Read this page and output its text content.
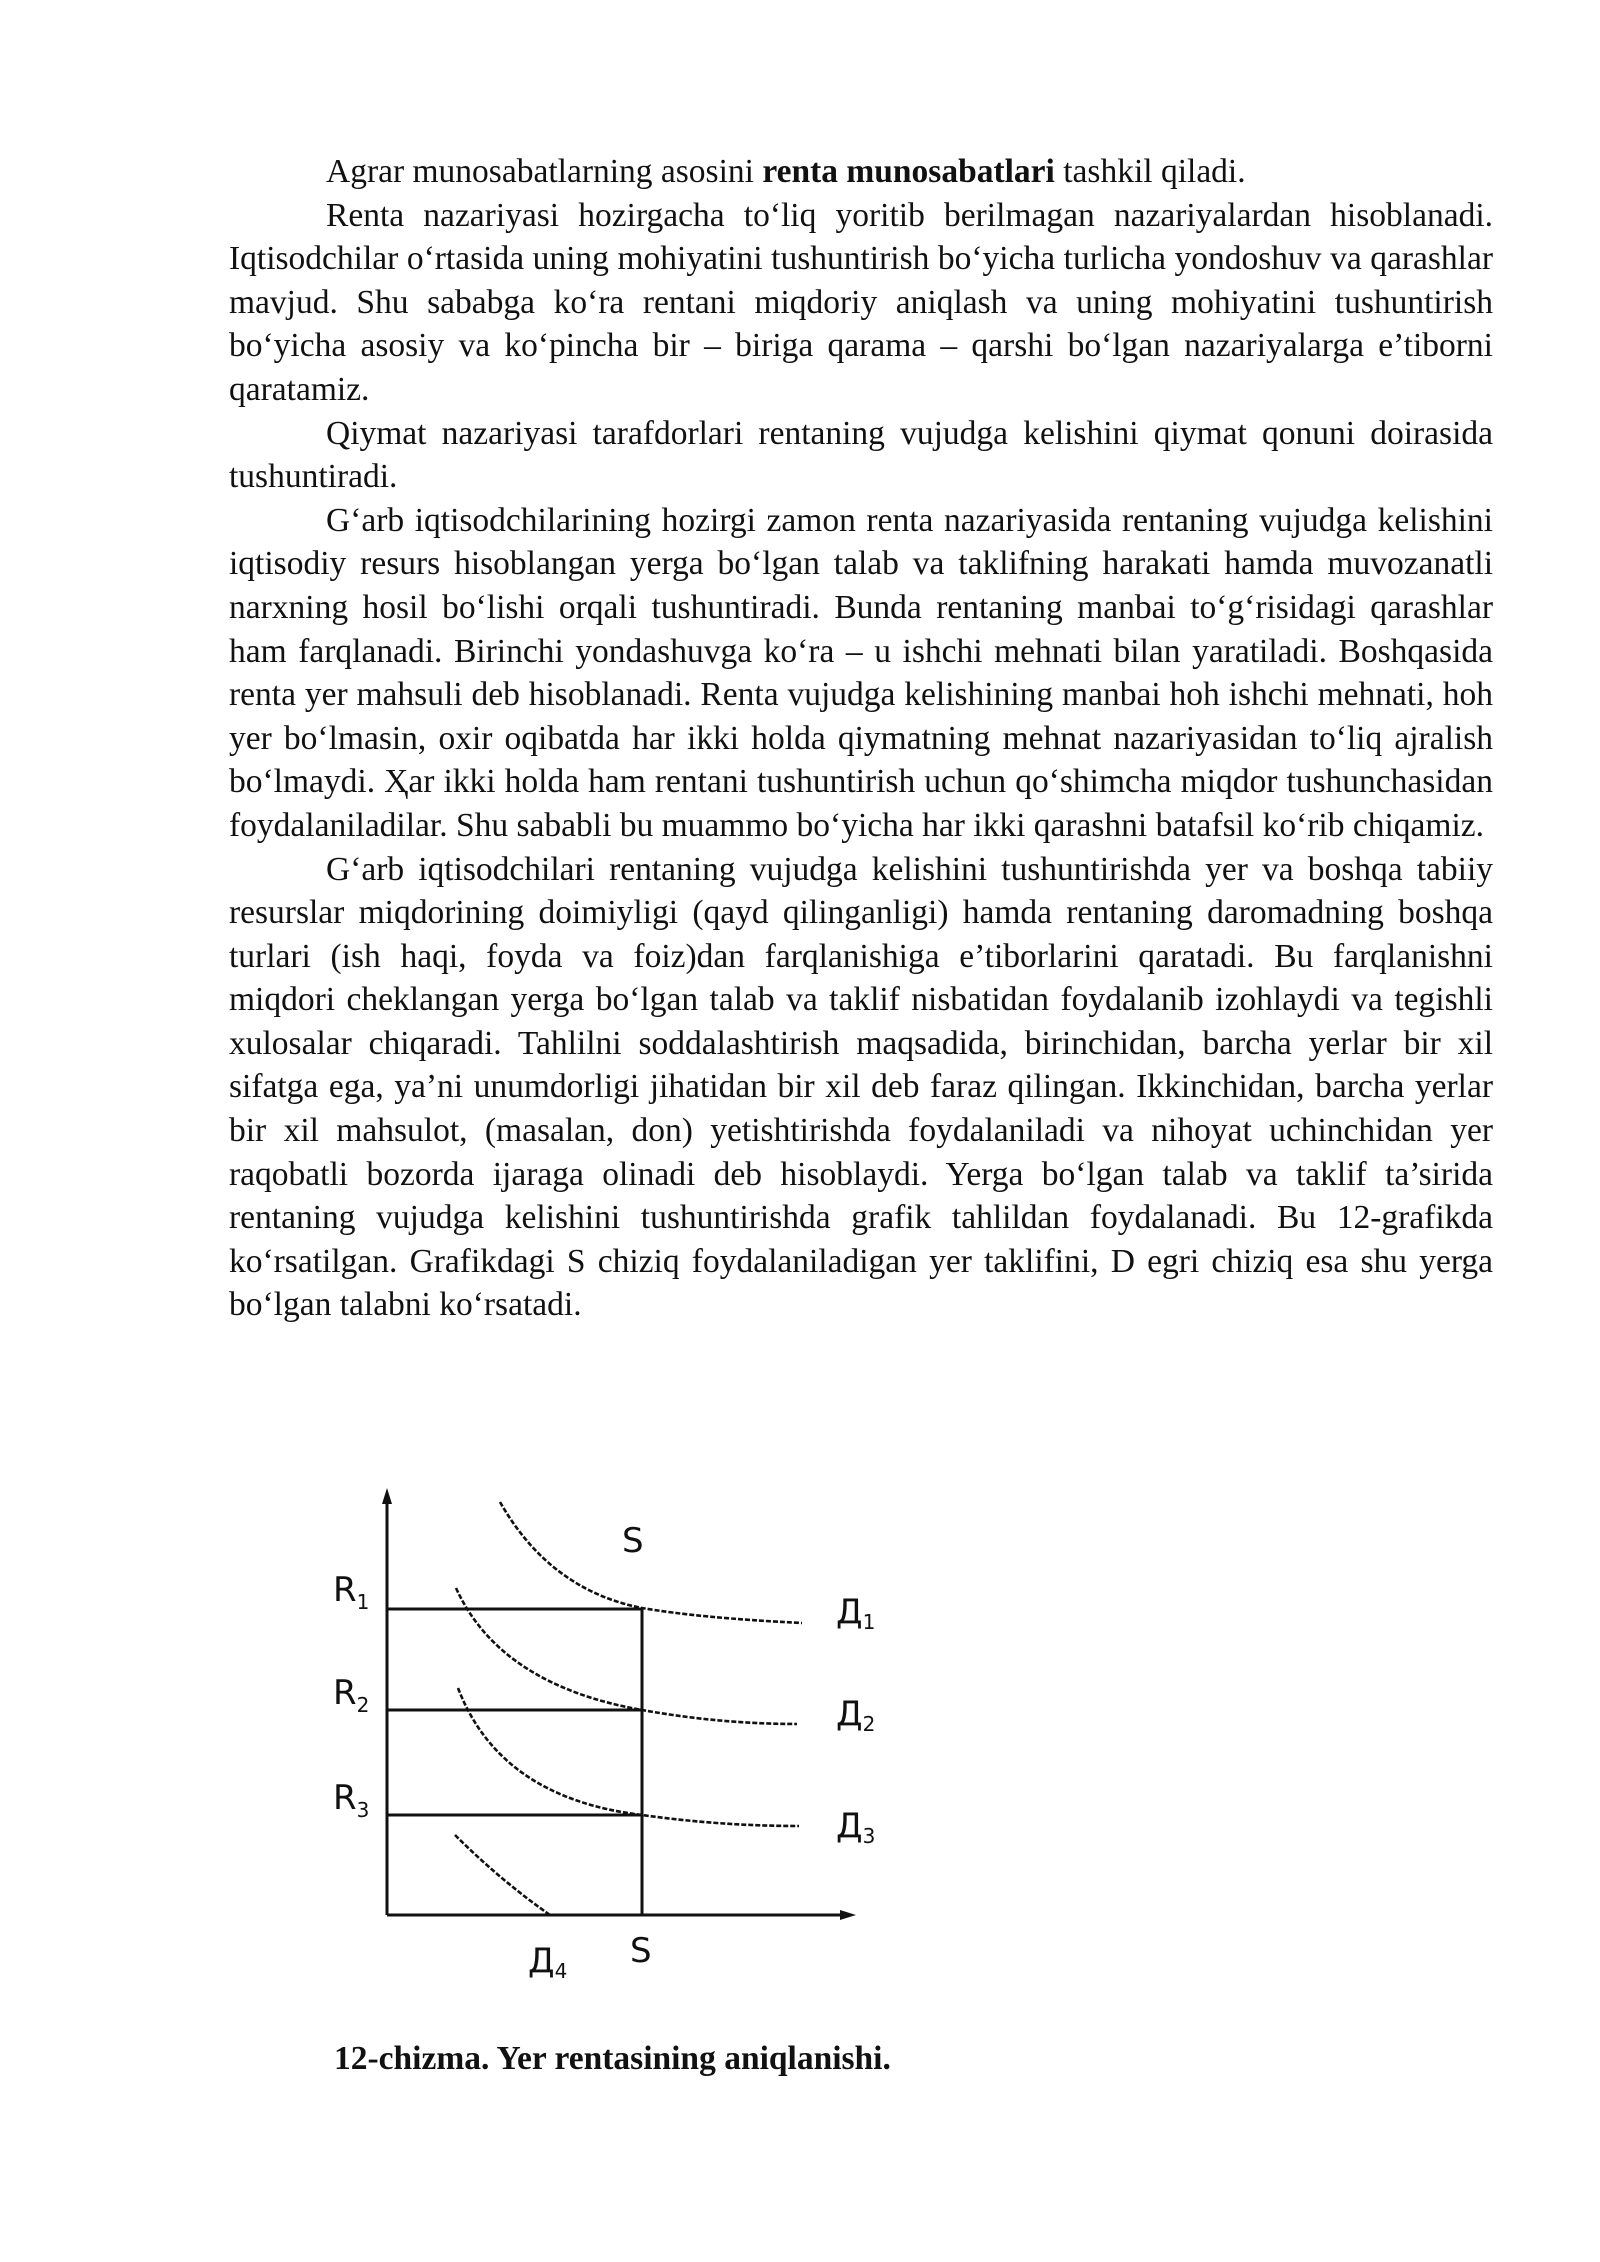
Agrar munosabatlarning asosini renta munosabatlari tashkil qiladi.

Renta nazariyasi hozirgacha to‘liq yoritib berilmagan nazariyalardan hisoblanadi. Iqtisodchilar o‘rtasida uning mohiyatini tushuntirish bo‘yicha turlicha yondoshuv va qarashlar mavjud. Shu sababga ko‘ra rentani miqdoriy aniqlash va uning mohiyatini tushuntirish bo‘yicha asosiy va ko‘pincha bir – biriga qarama – qarshi bo‘lgan nazariyalarga e’tiborni qaratamiz.

Qiymat nazariyasi tarafdorlari rentaning vujudga kelishini qiymat qonuni doirasida tushuntiradi.

G‘arb iqtisodchilarining hozirgi zamon renta nazariyasida rentaning vujudga kelishini iqtisodiy resurs hisoblangan yerga bo‘lgan talab va taklifning harakati hamda muvozanatli narxning hosil bo‘lishi orqali tushuntiradi. Bunda rentaning manbai to‘g‘risidagi qarashlar ham farqlanadi. Birinchi yondashuvga ko‘ra – u ishchi mehnati bilan yaratiladi. Boshqasida renta yer mahsuli deb hisoblanadi. Renta vujudga kelishining manbai hoh ishchi mehnati, hoh yer bo‘lmasin, oxir oqibatda har ikki holda qiymatning mehnat nazariyasidan to‘liq ajralish bo‘lmaydi. Ҳar ikki holda ham rentani tushuntirish uchun qo‘shimcha miqdor tushunchasidan foydalaniladilar. Shu sababli bu muammo bo‘yicha har ikki qarashni batafsil ko‘rib chiqamiz.

G‘arb iqtisodchilari rentaning vujudga kelishini tushuntirishda yer va boshqa tabiiy resurslar miqdorining doimiyligi (qayd qilinganligi) hamda rentaning daromadning boshqa turlari (ish haqi, foyda va foiz)dan farqlanishiga e’tiborlarini qaratadi. Bu farqlanishni miqdori cheklangan yerga bo‘lgan talab va taklif nisbatidan foydalanib izohlaydi va tegishli xulosalar chiqaradi. Tahlilni soddalashtirish maqsadida, birinchidan, barcha yerlar bir xil sifatga ega, ya’ni unumdorligi jihatidan bir xil deb faraz qilingan. Ikkinchidan, barcha yerlar bir xil mahsulot, (masalan, don) yetishtirishda foydalaniladi va nihoyat uchinchidan yer raqobatli bozorda ijaraga olinadi deb hisoblaydi. Yerga bo‘lgan talab va taklif ta’sirida rentaning vujudga kelishini tushuntirishda grafik tahlildan foydalanadi. Bu 12-grafikda ko‘rsatilgan. Grafikdagi S chiziq foydalaniladigan yer taklifini, D egri chiziq esa shu yerga bo‘lgan talabni ko‘rsatadi.

S
S
$R_1$
$R_2$
$R_3$
Д1
Д2
Д3
Д4
12-chizma. Yer rentasining aniqlanishi.
